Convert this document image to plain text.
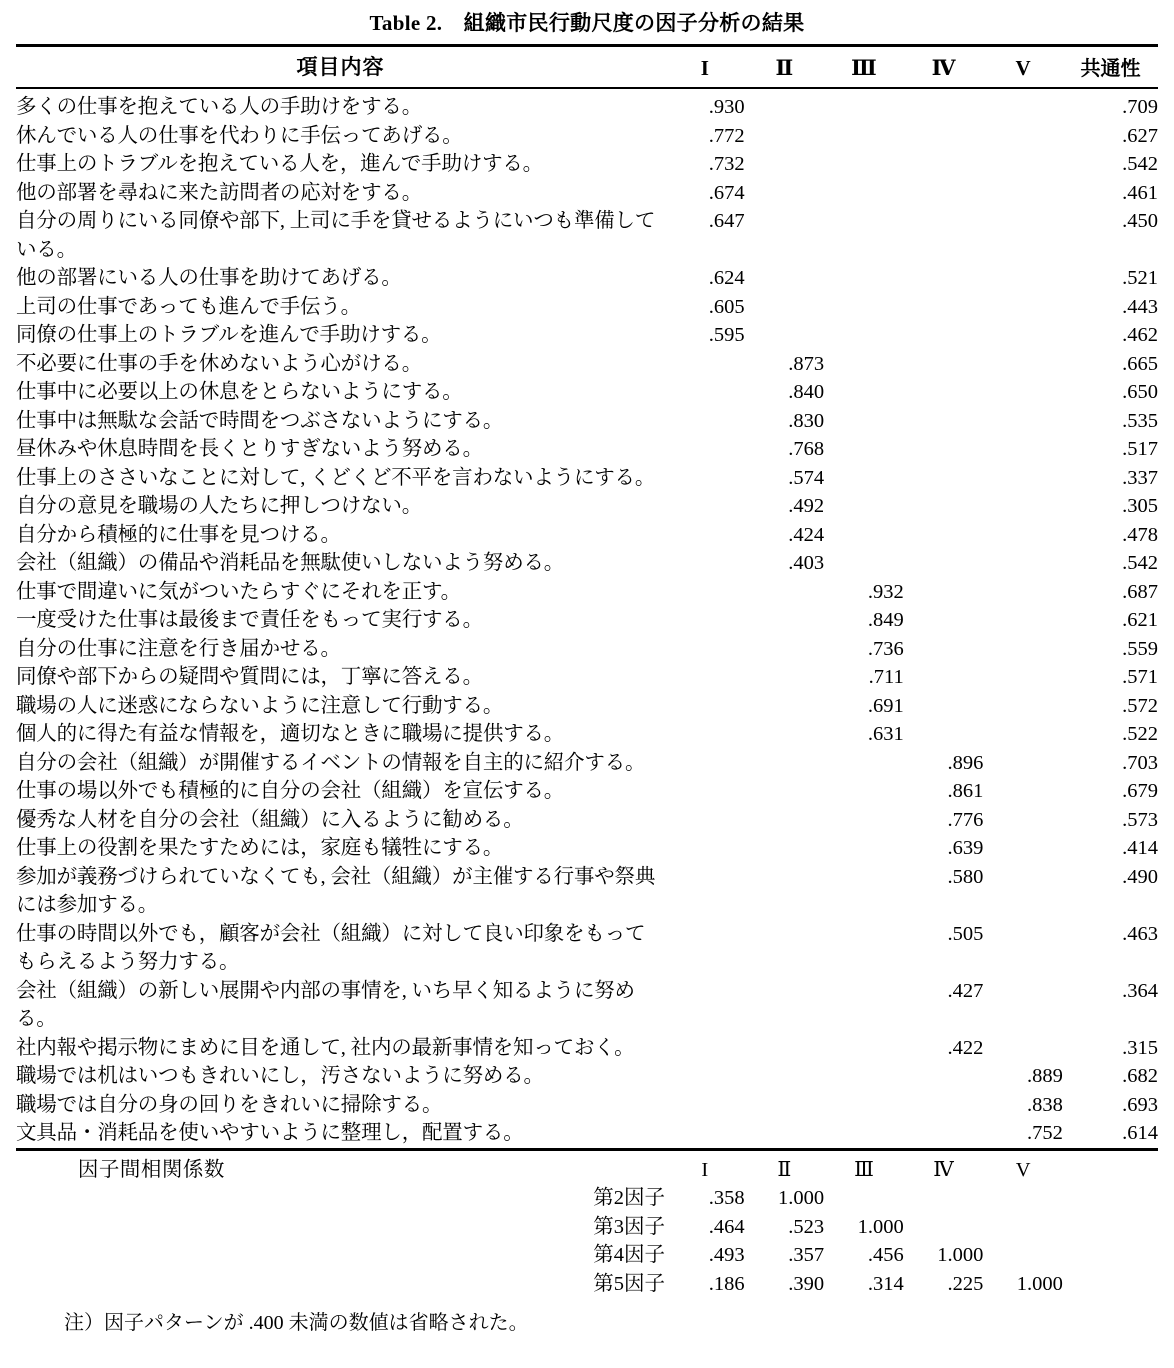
Table 2.　組織市民行動尺度の因子分析の結果
項目内容	I	Ⅱ	Ⅲ	Ⅳ	V	共通性
多くの仕事を抱えている人の手助けをする。	.930					.709
休んでいる人の仕事を代わりに手伝ってあげる。	.772					.627
仕事上のトラブルを抱えている人を，進んで手助けする。	.732					.542
他の部署を尋ねに来た訪問者の応対をする。	.674					.461
自分の周りにいる同僚や部下, 上司に手を貸せるようにいつも準備している。	.647					.450
他の部署にいる人の仕事を助けてあげる。	.624					.521
上司の仕事であっても進んで手伝う。	.605					.443
同僚の仕事上のトラブルを進んで手助けする。	.595					.462
不必要に仕事の手を休めないよう心がける。		.873				.665
仕事中に必要以上の休息をとらないようにする。		.840				.650
仕事中は無駄な会話で時間をつぶさないようにする。		.830				.535
昼休みや休息時間を長くとりすぎないよう努める。		.768				.517
仕事上のささいなことに対して, くどくど不平を言わないようにする。		.574				.337
自分の意見を職場の人たちに押しつけない。		.492				.305
自分から積極的に仕事を見つける。		.424				.478
会社（組織）の備品や消耗品を無駄使いしないよう努める。		.403				.542
仕事で間違いに気がついたらすぐにそれを正す。			.932			.687
一度受けた仕事は最後まで責任をもって実行する。			.849			.621
自分の仕事に注意を行き届かせる。			.736			.559
同僚や部下からの疑問や質問には，丁寧に答える。			.711			.571
職場の人に迷惑にならないように注意して行動する。			.691			.572
個人的に得た有益な情報を，適切なときに職場に提供する。			.631			.522
自分の会社（組織）が開催するイベントの情報を自主的に紹介する。				.896		.703
仕事の場以外でも積極的に自分の会社（組織）を宣伝する。				.861		.679
優秀な人材を自分の会社（組織）に入るように勧める。				.776		.573
仕事上の役割を果たすためには，家庭も犠牲にする。				.639		.414
参加が義務づけられていなくても, 会社（組織）が主催する行事や祭典には参加する。				.580		.490
仕事の時間以外でも，顧客が会社（組織）に対して良い印象をもってもらえるよう努力する。				.505		.463
会社（組織）の新しい展開や内部の事情を, いち早く知るように努める。				.427		.364
社内報や掲示物にまめに目を通して, 社内の最新事情を知っておく。				.422		.315
職場では机はいつもきれいにし，汚さないように努める。					.889	.682
職場では自分の身の回りをきれいに掃除する。					.838	.693
文具品・消耗品を使いやすいように整理し，配置する。					.752	.614
因子間相関係数		I	Ⅱ	Ⅲ	Ⅳ	V	
	第2因子	.358	1.000				
	第3因子	.464	.523	1.000			
	第4因子	.493	.357	.456	1.000		
	第5因子	.186	.390	.314	.225	1.000	
注）因子パターンが .400 未満の数値は省略された。
